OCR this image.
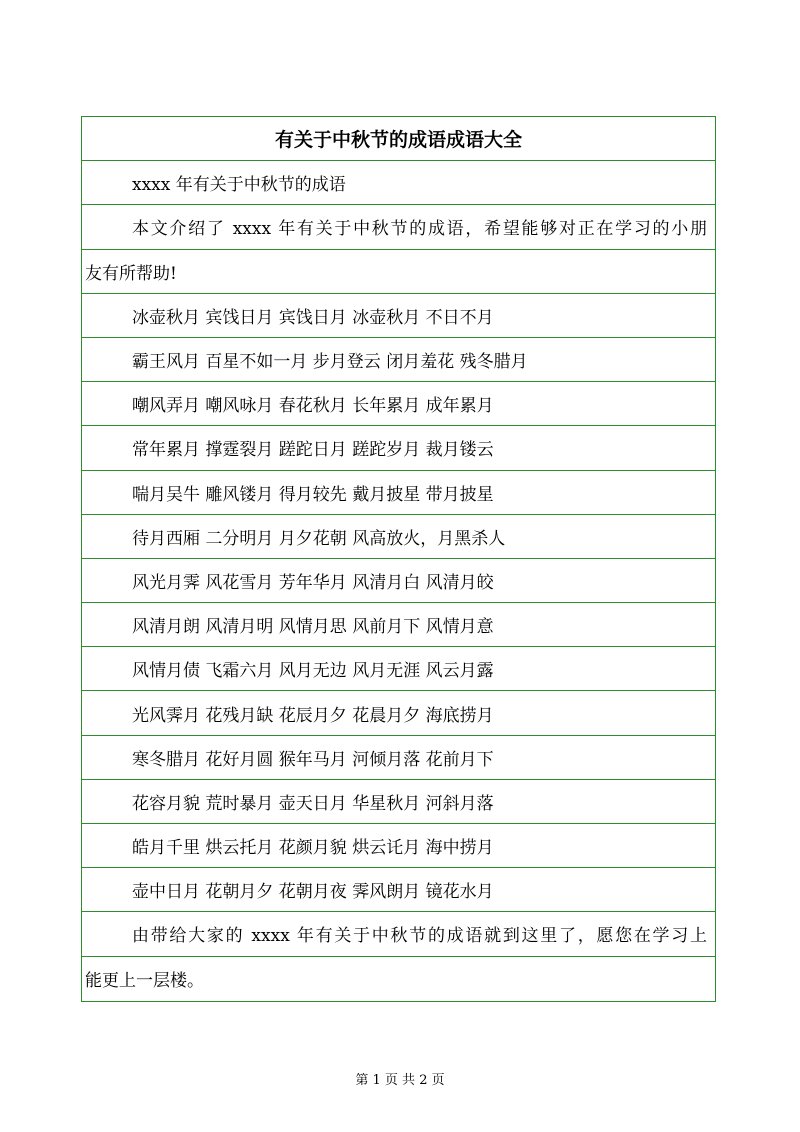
有关于中秋节的成语成语大全
xxxx 年有关于中秋节的成语
本文介绍了 xxxx 年有关于中秋节的成语，希望能够对正在学习的小朋
友有所帮助!
冰壶秋月 宾饯日月 宾饯日月 冰壶秋月 不日不月
霸王风月 百星不如一月 步月登云 闭月羞花 残冬腊月
嘲风弄月 嘲风咏月 春花秋月 长年累月 成年累月
常年累月 撑霆裂月 蹉跎日月 蹉跎岁月 裁月镂云
喘月吴牛 雕风镂月 得月较先 戴月披星 带月披星
待月西厢 二分明月 月夕花朝 风高放火，月黑杀人
风光月霁 风花雪月 芳年华月 风清月白 风清月皎
风清月朗 风清月明 风情月思 风前月下 风情月意
风情月债 飞霜六月 风月无边 风月无涯 风云月露
光风霁月 花残月缺 花辰月夕 花晨月夕 海底捞月
寒冬腊月 花好月圆 猴年马月 河倾月落 花前月下
花容月貌 荒时暴月 壶天日月 华星秋月 河斜月落
皓月千里 烘云托月 花颜月貌 烘云讬月 海中捞月
壶中日月 花朝月夕 花朝月夜 霁风朗月 镜花水月
由带给大家的 xxxx 年有关于中秋节的成语就到这里了，愿您在学习上
能更上一层楼。
第 1 页 共 2 页
